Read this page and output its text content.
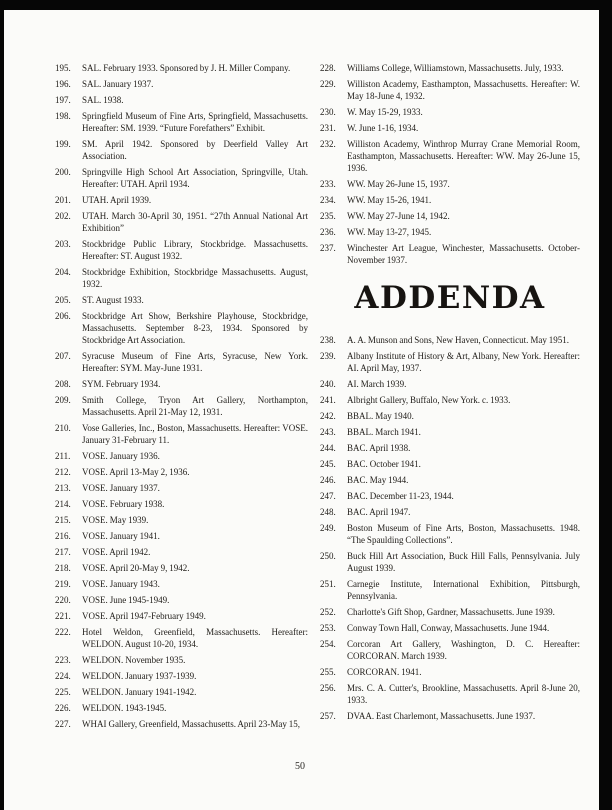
195. SAL. February 1933. Sponsored by J. H. Miller Company.
196. SAL. January 1937.
197. SAL. 1938.
198. Springfield Museum of Fine Arts, Springfield, Massachusetts. Hereafter: SM. 1939. “Future Forefathers” Exhibit.
199. SM. April 1942. Sponsored by Deerfield Valley Art Association.
200. Springville High School Art Association, Springville, Utah. Hereafter: UTAH. April 1934.
201. UTAH. April 1939.
202. UTAH. March 30-April 30, 1951. “27th Annual National Art Exhibition”
203. Stockbridge Public Library, Stockbridge. Massachusetts. Hereafter: ST. August 1932.
204. Stockbridge Exhibition, Stockbridge Massachusetts. August, 1932.
205. ST. August 1933.
206. Stockbridge Art Show, Berkshire Playhouse, Stockbridge, Massachusetts. September 8-23, 1934. Sponsored by Stockbridge Art Association.
207. Syracuse Museum of Fine Arts, Syracuse, New York. Hereafter: SYM. May-June 1931.
208. SYM. February 1934.
209. Smith College, Tryon Art Gallery, Northampton, Massachusetts. April 21-May 12, 1931.
210. Vose Galleries, Inc., Boston, Massachusetts. Hereafter: VOSE. January 31-February 11.
211. VOSE. January 1936.
212. VOSE. April 13-May 2, 1936.
213. VOSE. January 1937.
214. VOSE. February 1938.
215. VOSE. May 1939.
216. VOSE. January 1941.
217. VOSE. April 1942.
218. VOSE. April 20-May 9, 1942.
219. VOSE. January 1943.
220. VOSE. June 1945-1949.
221. VOSE. April 1947-February 1949.
222. Hotel Weldon, Greenfield, Massachusetts. Hereafter: WELDON. August 10-20, 1934.
223. WELDON. November 1935.
224. WELDON. January 1937-1939.
225. WELDON. January 1941-1942.
226. WELDON. 1943-1945.
227. WHAI Gallery, Greenfield, Massachusetts. April 23-May 15,
228. Williams College, Williamstown, Massachusetts. July, 1933.
229. Williston Academy, Easthampton, Massachusetts. Hereafter: W. May 18-June 4, 1932.
230. W. May 15-29, 1933.
231. W. June 1-16, 1934.
232. Williston Academy, Winthrop Murray Crane Memorial Room, Easthampton, Massachusetts. Hereafter: WW. May 26-June 15, 1936.
233. WW. May 26-June 15, 1937.
234. WW. May 15-26, 1941.
235. WW. May 27-June 14, 1942.
236. WW. May 13-27, 1945.
237. Winchester Art League, Winchester, Massachusetts. October-November 1937.
ADDENDA
238. A. A. Munson and Sons, New Haven, Connecticut. May 1951.
239. Albany Institute of History & Art, Albany, New York. Hereafter: AI. April May, 1937.
240. AI. March 1939.
241. Albright Gallery, Buffalo, New York. c. 1933.
242. BBAL. May 1940.
243. BBAL. March 1941.
244. BAC. April 1938.
245. BAC. October 1941.
246. BAC. May 1944.
247. BAC. December 11-23, 1944.
248. BAC. April 1947.
249. Boston Museum of Fine Arts, Boston, Massachusetts. 1948. “The Spaulding Collections”.
250. Buck Hill Art Association, Buck Hill Falls, Pennsylvania. July August 1939.
251. Carnegie Institute, International Exhibition, Pittsburgh, Pennsylvania.
252. Charlotte's Gift Shop, Gardner, Massachusetts. June 1939.
253. Conway Town Hall, Conway, Massachusetts. June 1944.
254. Corcoran Art Gallery, Washington, D. C. Hereafter: CORCORAN. March 1939.
255. CORCORAN. 1941.
256. Mrs. C. A. Cutter's, Brookline, Massachusetts. April 8-June 20, 1933.
257. DVAA. East Charlemont, Massachusetts. June 1937.
50
